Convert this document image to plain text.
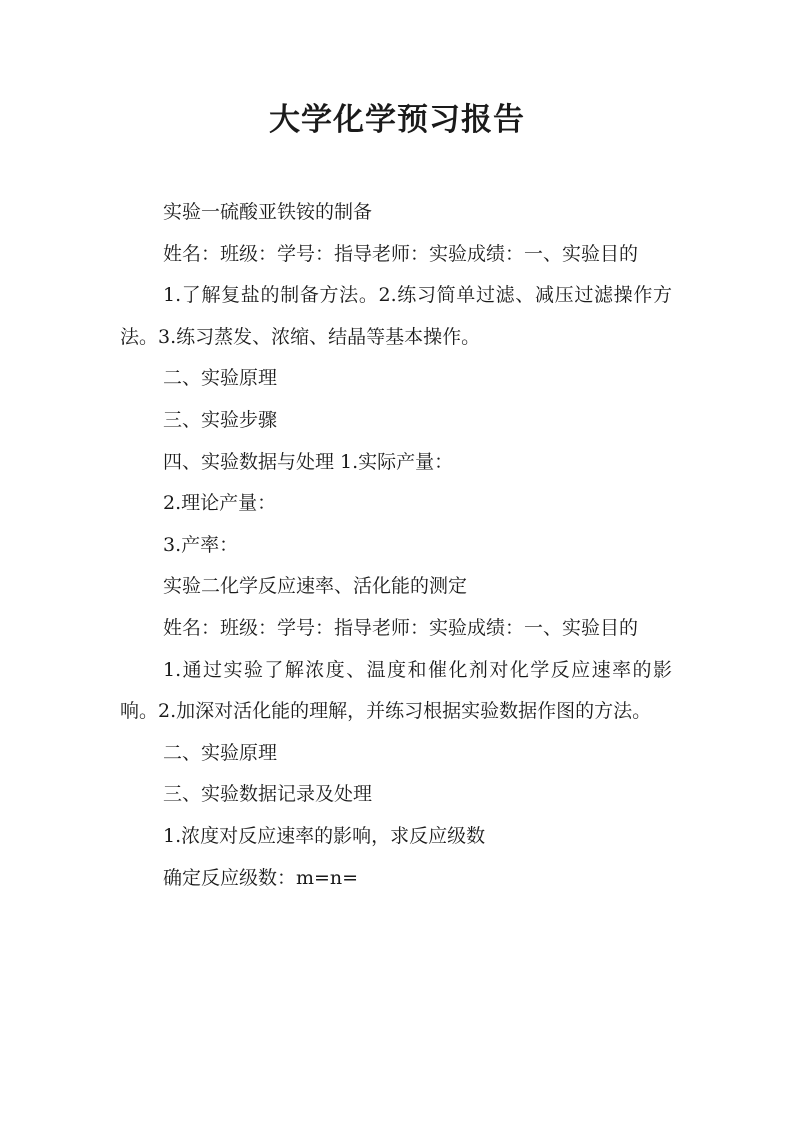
大学化学预习报告

实验一硫酸亚铁铵的制备

姓名：班级：学号：指导老师：实验成绩：一、实验目的

1.了解复盐的制备方法。2.练习简单过滤、减压过滤操作方法。3.练习蒸发、浓缩、结晶等基本操作。

二、实验原理

三、实验步骤

四、实验数据与处理 1.实际产量：

2.理论产量：

3.产率：

实验二化学反应速率、活化能的测定

姓名：班级：学号：指导老师：实验成绩：一、实验目的

1.通过实验了解浓度、温度和催化剂对化学反应速率的影响。2.加深对活化能的理解，并练习根据实验数据作图的方法。

二、实验原理

三、实验数据记录及处理

1.浓度对反应速率的影响，求反应级数

确定反应级数：m=n=
